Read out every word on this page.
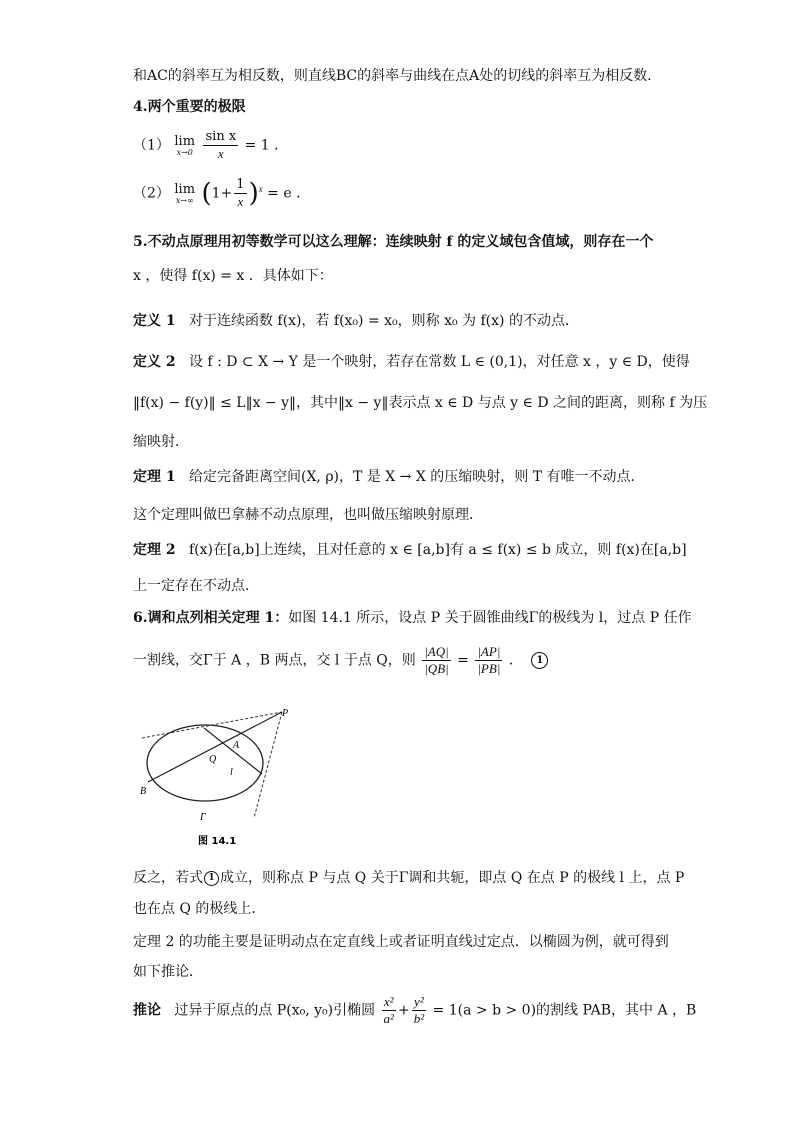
和AC的斜率互为相反数，则直线BC的斜率与曲线在点A处的切线的斜率互为相反数．
4.两个重要的极限
（1） lim
x→0
$\frac{\text{sin x}}{x} = 1$ ．
（2） lim
x→∞ $(1+ \frac{1}{x} )^x = e$ ．
5.不动点原理用初等数学可以这么理解：连续映射 f 的定义域包含值域，则存在一个
x ，使得 f(x) = x ．具体如下：
定义 1 对于连续函数 f(x)，若 f(x₀) = x₀，则称 x₀ 为 f(x) 的不动点．
定义 2 设 f : D ⊂ X → Y 是一个映射，若存在常数 L ∈ (0,1)，对任意 x ，y ∈ D，使得
‖f(x) − f(y)‖ ≤ L‖x − y‖，其中‖x − y‖表示点 x ∈ D 与点 y ∈ D 之间的距离，则称 f 为压
缩映射．
定理 1 给定完备距离空间(X, ρ)，T 是 X → X 的压缩映射，则 T 有唯一不动点．
这个定理叫做巴拿赫不动点原理，也叫做压缩映射原理．
定理 2 f(x)在[a,b]上连续，且对任意的 x ∈ [a,b]有 a ≤ f(x) ≤ b 成立，则 f(x)在[a,b]
上一定存在不动点．
6.调和点列相关定理 1：如图 14.1 所示，设点 P 关于圆锥曲线Γ的极线为 l，过点 P 任作
一割线，交Γ于 A ，B 两点，交 l 于点 Q，则 $\frac{|AQ|}{|QB|} = \frac{|AP|}{|PB|}$ ． 1
P
A
Q
l
B
Γ
图 14.1
反之，若式 1 成立，则称点 P 与点 Q 关于Γ调和共轭，即点 Q 在点 P 的极线 l 上，点 P
也在点 Q 的极线上．
定理 2 的功能主要是证明动点在定直线上或者证明直线过定点．以椭圆为例，就可得到
如下推论．
推论 过异于原点的点 P(x₀, y₀)引椭圆 $\frac{\text{x²}}{\text{a²}} + \frac{\text{y²}}{\text{b²}} = 1(a > b > 0)$的割线 PAB，其中 A ，B
